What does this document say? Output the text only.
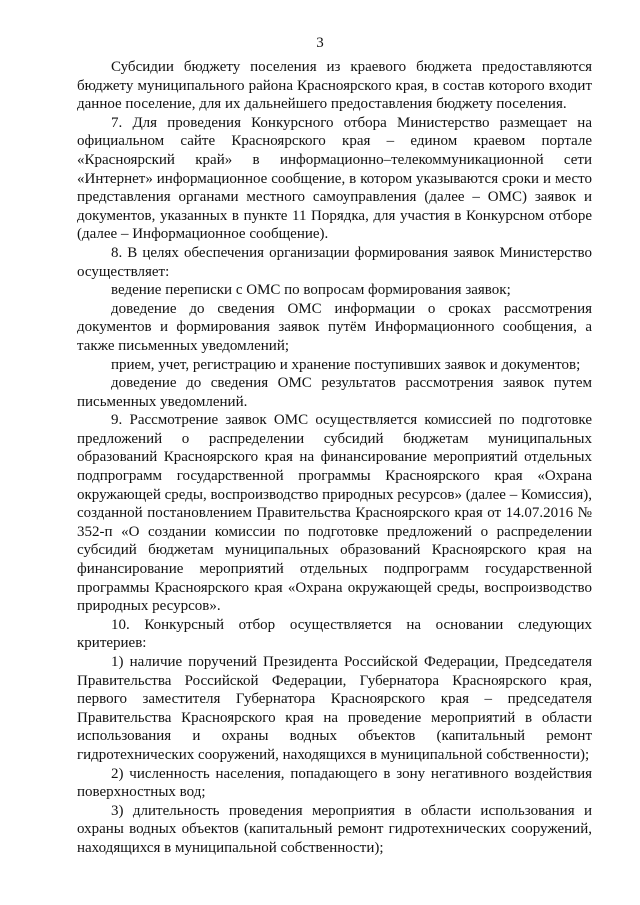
3

Субсидии бюджету поселения из краевого бюджета предоставляются бюджету муниципального района Красноярского края, в состав которого входит данное поселение, для их дальнейшего предоставления бюджету поселения.

7. Для проведения Конкурсного отбора Министерство размещает на официальном сайте Красноярского края – едином краевом портале «Красноярский край» в информационно–телекоммуникационной сети «Интернет» информационное сообщение, в котором указываются сроки и место представления органами местного самоуправления (далее – ОМС) заявок и документов, указанных в пункте 11 Порядка, для участия в Конкурсном отборе (далее – Информационное сообщение).

8. В целях обеспечения организации формирования заявок Министерство осуществляет:

ведение переписки с ОМС по вопросам формирования заявок;

доведение до сведения ОМС информации о сроках рассмотрения документов и формирования заявок путём Информационного сообщения, а также письменных уведомлений;

прием, учет, регистрацию и хранение поступивших заявок и документов;

доведение до сведения ОМС результатов рассмотрения заявок путем письменных уведомлений.

9. Рассмотрение заявок ОМС осуществляется комиссией по подготовке предложений о распределении субсидий бюджетам муниципальных образований Красноярского края на финансирование мероприятий отдельных подпрограмм государственной программы Красноярского края «Охрана окружающей среды, воспроизводство природных ресурсов» (далее – Комиссия), созданной постановлением Правительства Красноярского края от 14.07.2016 № 352-п «О создании комиссии по подготовке предложений о распределении субсидий бюджетам муниципальных образований Красноярского края на финансирование мероприятий отдельных подпрограмм государственной программы Красноярского края «Охрана окружающей среды, воспроизводство природных ресурсов».

10. Конкурсный отбор осуществляется на основании следующих критериев:

1) наличие поручений Президента Российской Федерации, Председателя Правительства Российской Федерации, Губернатора Красноярского края, первого заместителя Губернатора Красноярского края – председателя Правительства Красноярского края на проведение мероприятий в области использования и охраны водных объектов (капитальный ремонт гидротехнических сооружений, находящихся в муниципальной собственности);

2) численность населения, попадающего в зону негативного воздействия поверхностных вод;

3) длительность проведения мероприятия в области использования и охраны водных объектов (капитальный ремонт гидротехнических сооружений, находящихся в муниципальной собственности);
